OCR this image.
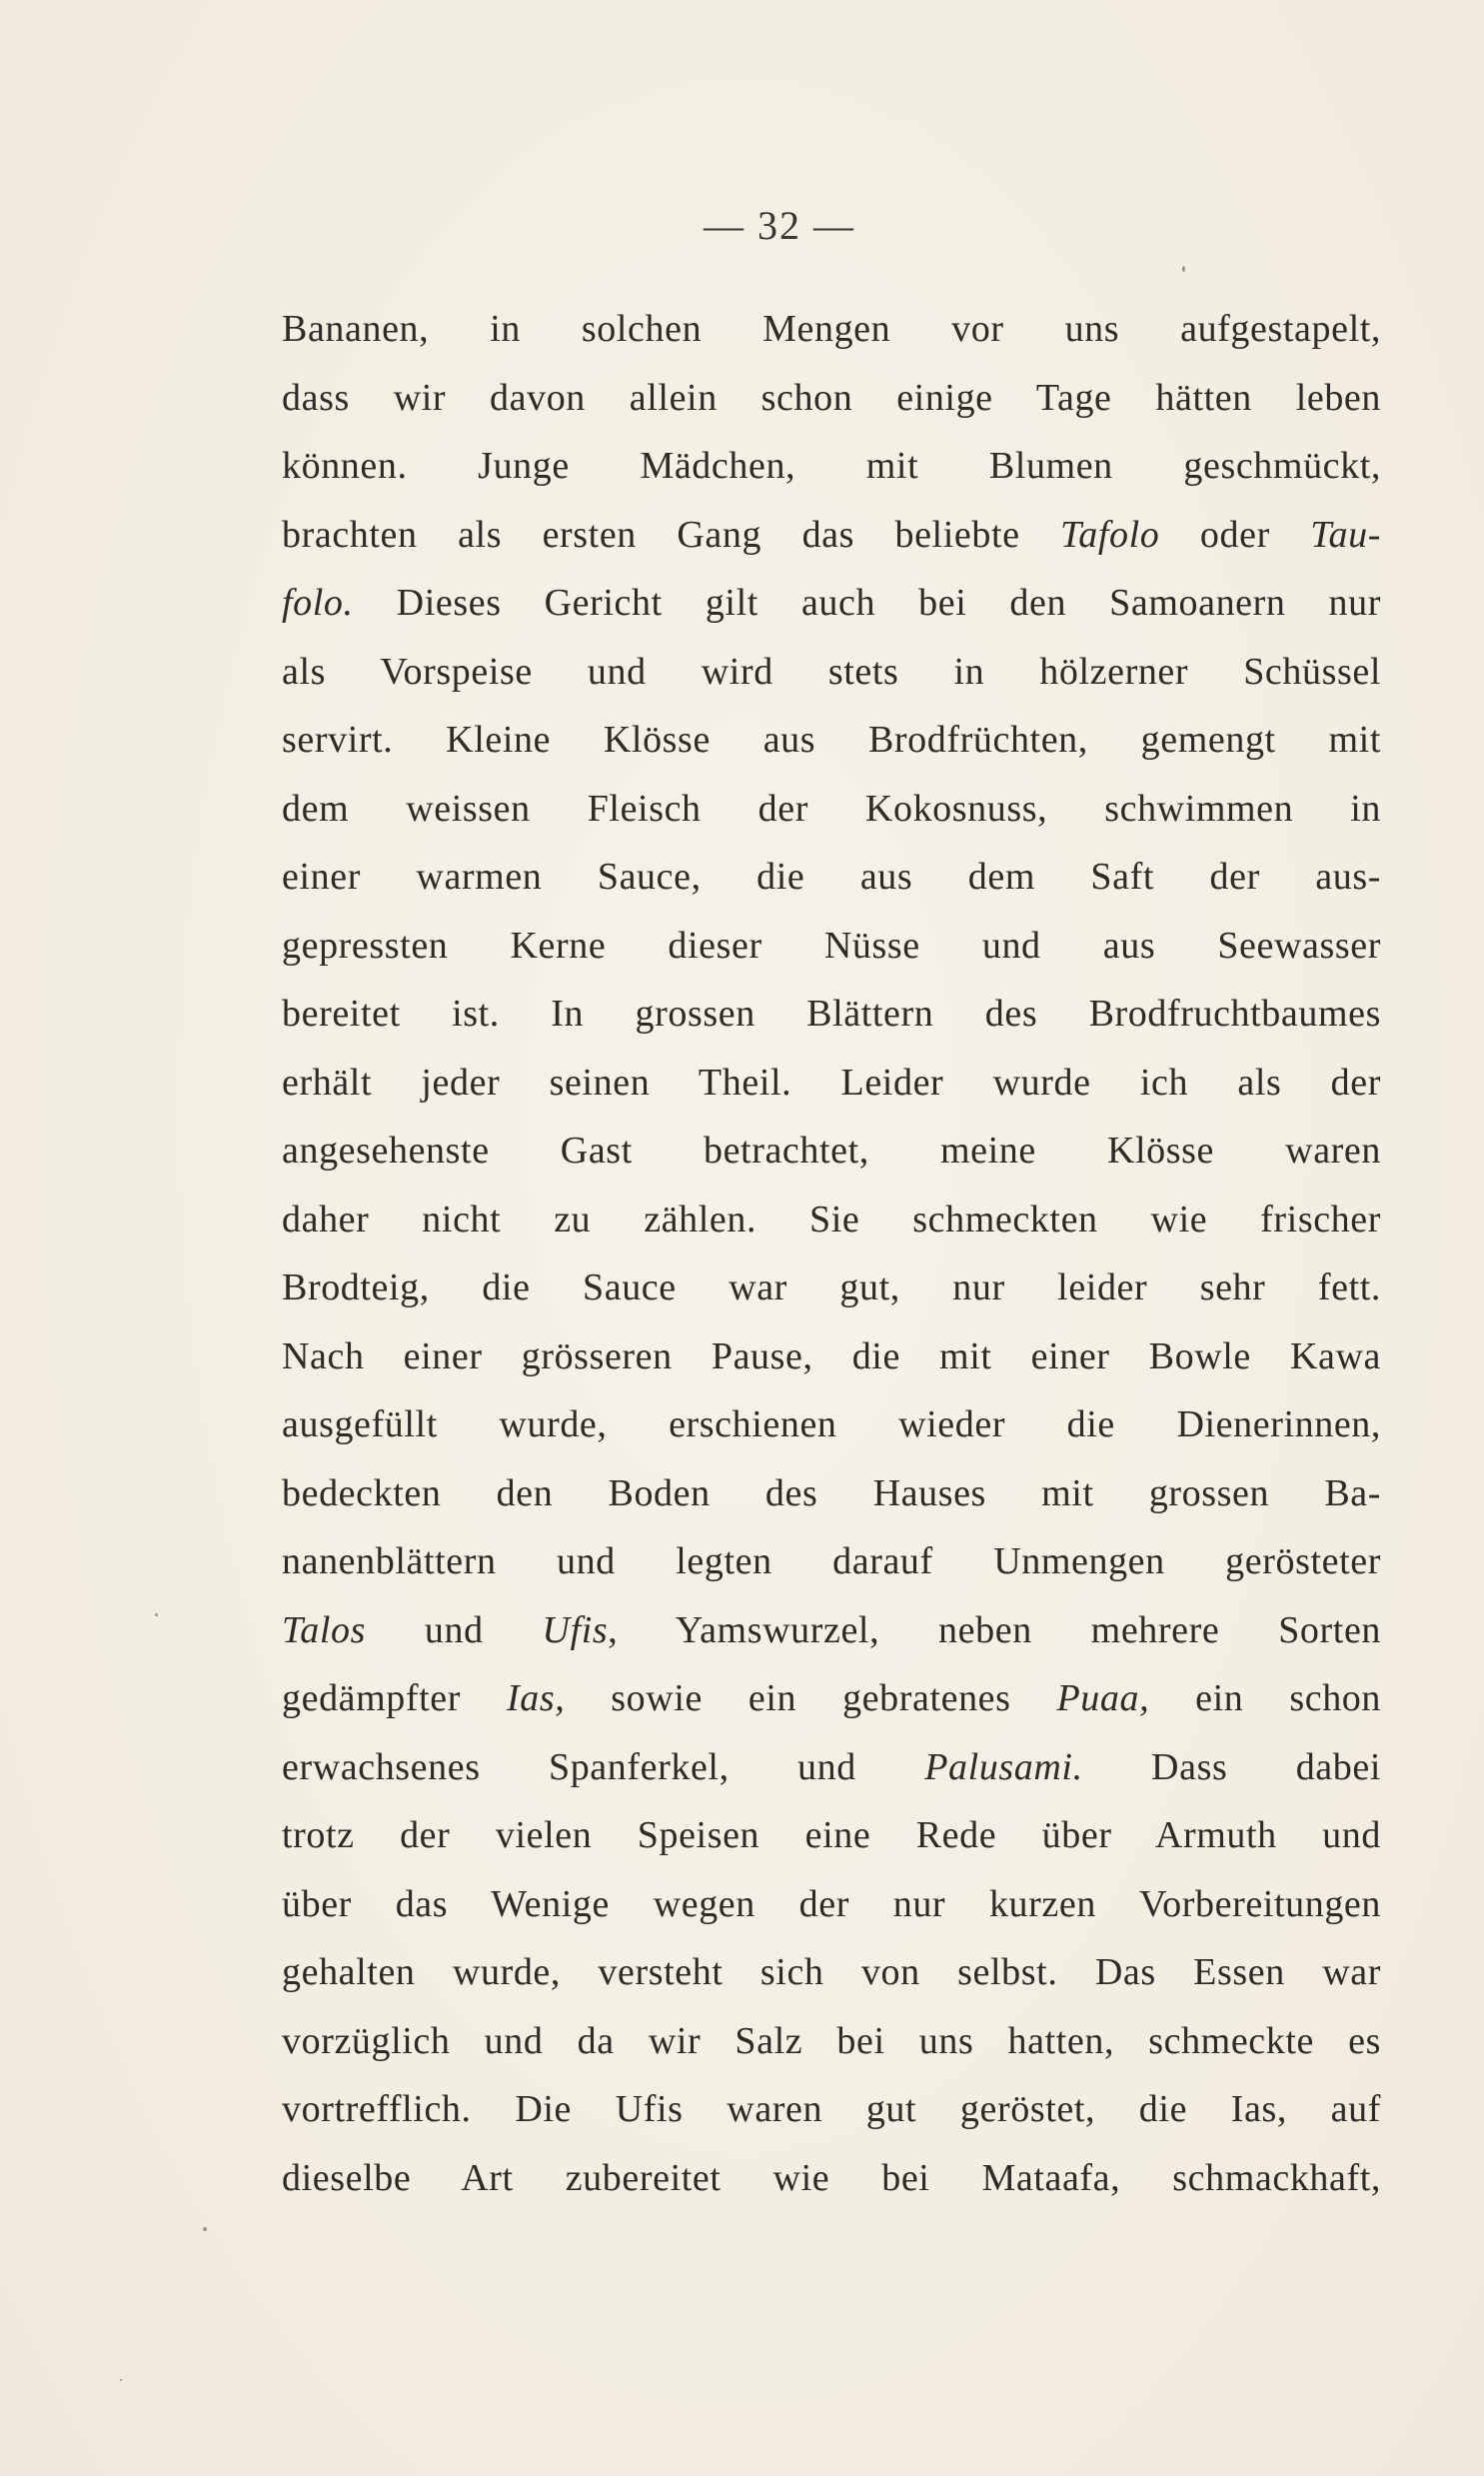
— 32 —
Bananen, in solchen Mengen vor uns aufgestapelt,
dass wir davon allein schon einige Tage hätten leben
können. Junge Mädchen, mit Blumen geschmückt,
brachten als ersten Gang das beliebte Tafolo oder Tau-
folo. Dieses Gericht gilt auch bei den Samoanern nur
als Vorspeise und wird stets in hölzerner Schüssel
servirt. Kleine Klösse aus Brodfrüchten, gemengt mit
dem weissen Fleisch der Kokosnuss, schwimmen in
einer warmen Sauce, die aus dem Saft der aus-
gepressten Kerne dieser Nüsse und aus Seewasser
bereitet ist. In grossen Blättern des Brodfruchtbaumes
erhält jeder seinen Theil. Leider wurde ich als der
angesehenste Gast betrachtet, meine Klösse waren
daher nicht zu zählen. Sie schmeckten wie frischer
Brodteig, die Sauce war gut, nur leider sehr fett.
Nach einer grösseren Pause, die mit einer Bowle Kawa
ausgefüllt wurde, erschienen wieder die Dienerinnen,
bedeckten den Boden des Hauses mit grossen Ba-
nanenblättern und legten darauf Unmengen gerösteter
Talos und Ufis, Yamswurzel, neben mehrere Sorten
gedämpfter Ias, sowie ein gebratenes Puaa, ein schon
erwachsenes Spanferkel, und Palusami. Dass dabei
trotz der vielen Speisen eine Rede über Armuth und
über das Wenige wegen der nur kurzen Vorbereitungen
gehalten wurde, versteht sich von selbst. Das Essen war
vorzüglich und da wir Salz bei uns hatten, schmeckte es
vortrefflich. Die Ufis waren gut geröstet, die Ias, auf
dieselbe Art zubereitet wie bei Mataafa, schmackhaft,
